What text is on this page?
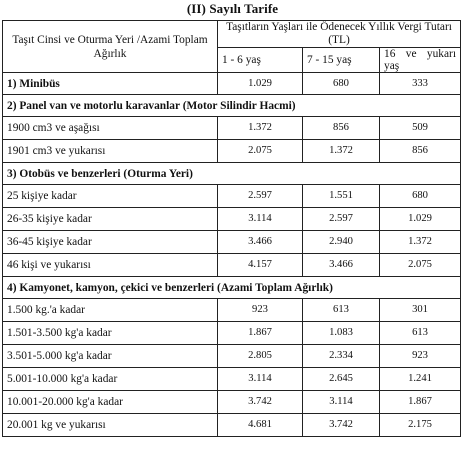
(II) Sayılı Tarife
Taşıt Cinsi ve Oturma Yeri /Azami Toplam Ağırlık	Taşıtların Yaşları ile Ödenecek Yıllık Vergi Tutarı (TL)		
	1 - 6 yaş	7 - 15 yaş	16 ve yukarı
yaş

1) Minibüs	1.029	680	333
2) Panel van ve motorlu karavanlar (Motor Silindir Hacmi)			
1900 cm3 ve aşağısı	1.372	856	509
1901 cm3 ve yukarısı	2.075	1.372	856
3) Otobüs ve benzerleri (Oturma Yeri)			
25 kişiye kadar	2.597	1.551	680
26-35 kişiye kadar	3.114	2.597	1.029
36-45 kişiye kadar	3.466	2.940	1.372
46 kişi ve yukarısı	4.157	3.466	2.075
4) Kamyonet, kamyon, çekici ve benzerleri (Azami Toplam Ağırlık)			
1.500 kg.'a kadar	923	613	301
1.501-3.500 kg'a kadar	1.867	1.083	613
3.501-5.000 kg'a kadar	2.805	2.334	923
5.001-10.000 kg'a kadar	3.114	2.645	1.241
10.001-20.000 kg'a kadar	3.742	3.114	1.867
20.001 kg ve yukarısı	4.681	3.742	2.175
